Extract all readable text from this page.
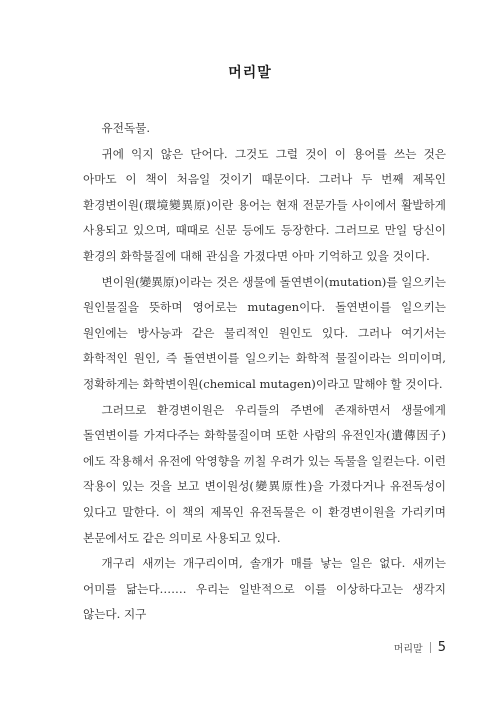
머리말

유전독물.

귀에 익지 않은 단어다. 그것도 그럴 것이 이 용어를 쓰는 것은 아마도 이 책이 처음일 것이기 때문이다. 그러나 두 번째 제목인 환경변이원(環境變異原)이란 용어는 현재 전문가들 사이에서 활발하게 사용되고 있으며, 때때로 신문 등에도 등장한다. 그러므로 만일 당신이 환경의 화학물질에 대해 관심을 가졌다면 아마 기억하고 있을 것이다.

변이원(變異原)이라는 것은 생물에 돌연변이(mutation)를 일으키는 원인물질을 뜻하며 영어로는 mutagen이다. 돌연변이를 일으키는 원인에는 방사능과 같은 물리적인 원인도 있다. 그러나 여기서는 화학적인 원인, 즉 돌연변이를 일으키는 화학적 물질이라는 의미이며, 정확하게는 화학변이원(chemical mutagen)이라고 말해야 할 것이다.

그러므로 환경변이원은 우리들의 주변에 존재하면서 생물에게 돌연변이를 가져다주는 화학물질이며 또한 사람의 유전인자(遺傳因子)에도 작용해서 유전에 악영향을 끼칠 우려가 있는 독물을 일컫는다. 이런 작용이 있는 것을 보고 변이원성(變異原性)을 가졌다거나 유전독성이 있다고 말한다. 이 책의 제목인 유전독물은 이 환경변이원을 가리키며 본문에서도 같은 의미로 사용되고 있다.

개구리 새끼는 개구리이며, 솔개가 매를 낳는 일은 없다. 새끼는 어미를 닮는다……. 우리는 일반적으로 이를 이상하다고는 생각지 않는다. 지구

머리말 5
